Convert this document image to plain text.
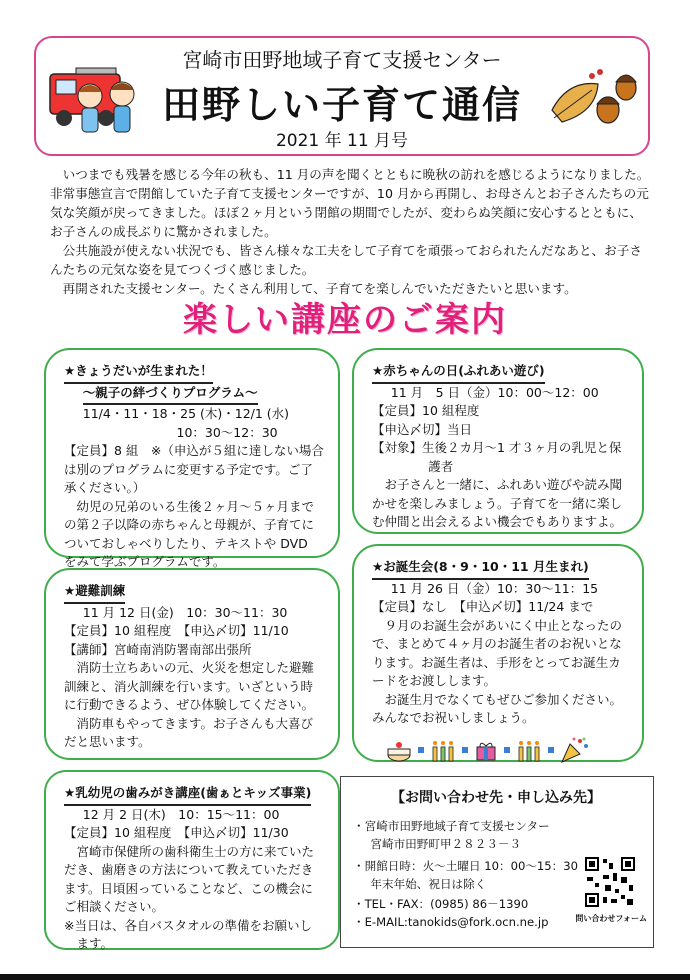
宮崎市田野地域子育て支援センター
田野しい子育て通信
2021 年 11 月号

いつまでも残暑を感じる今年の秋も、11 月の声を聞くとともに晩秋の訪れを感じるようになりました。非常事態宣言で閉館していた子育て支援センターですが、10 月から再開し、お母さんとお子さんたちの元気な笑顔が戻ってきました。ほぼ２ヶ月という閉館の期間でしたが、変わらぬ笑顔に安心するとともに、お子さんの成長ぶりに驚かされました。

公共施設が使えない状況でも、皆さん様々な工夫をして子育てを頑張っておられたんだなあと、お子さんたちの元気な姿を見てつくづく感じました。

再開された支援センター。たくさん利用して、子育てを楽しんでいただきたいと思います。

楽しい講座のご案内
★きょうだいが生まれた！
～親子の絆づくりプログラム～
11/4・11・18・25 (木)・12/1 (水)
10：30～12：30
【定員】8 組　※（申込が５組に達しない場合は別のプログラムに変更する予定です。ご了承ください。）
幼児の兄弟のいる生後２ヶ月～５ヶ月までの第２子以降の赤ちゃんと母親が、子育てについておしゃべりしたり、テキストや DVD をみて学ぶプログラムです。
★赤ちゃんの日(ふれあい遊び)
11 月　5 日（金）10：00～12：00
【定員】10 組程度
【申込〆切】当日
【対象】生後２カ月～1 才３ヶ月の乳児と保護者
お子さんと一緒に、ふれあい遊びや読み聞かせを楽しみましょう。子育てを一緒に楽しむ仲間と出会えるよい機会でもありますよ。
★避難訓練
11 月 12 日(金)　10：30～11：30
【定員】10 組程度　【申込〆切】11/10
【講師】宮崎南消防署南部出張所
消防士立ちあいの元、火災を想定した避難訓練と、消火訓練を行います。いざという時に行動できるよう、ぜひ体験してください。
消防車もやってきます。お子さんも大喜びだと思います。
★お誕生会(8・9・10・11 月生まれ)
11 月 26 日（金）10：30～11：15
【定員】なし　【申込〆切】11/24 まで
９月のお誕生会があいにく中止となったので、まとめて４ヶ月のお誕生者のお祝いとなります。お誕生者は、手形をとってお誕生カードをお渡しします。
お誕生月でなくてもぜひご参加ください。みんなでお祝いしましょう。
★乳幼児の歯みがき講座(歯ぁとキッズ事業)
12 月 2 日(木)　10：15～11：00
【定員】10 組程度　【申込〆切】11/30
宮崎市保健所の歯科衛生士の方に来ていただき、歯磨きの方法について教えていただきます。日頃困っていることなど、この機会にご相談ください。
※当日は、各自バスタオルの準備をお願いします。
【お問い合わせ先・申し込み先】
・宮崎市田野地域子育て支援センター
宮崎市田野町甲２８２３－３
・開館日時：火～土曜日 10：00～15：30
年末年始、祝日は除く
・TEL・FAX：(0985) 86－1390
・E-MAIL:tanokids@fork.ocn.ne.jp	問い合わせフォーム
